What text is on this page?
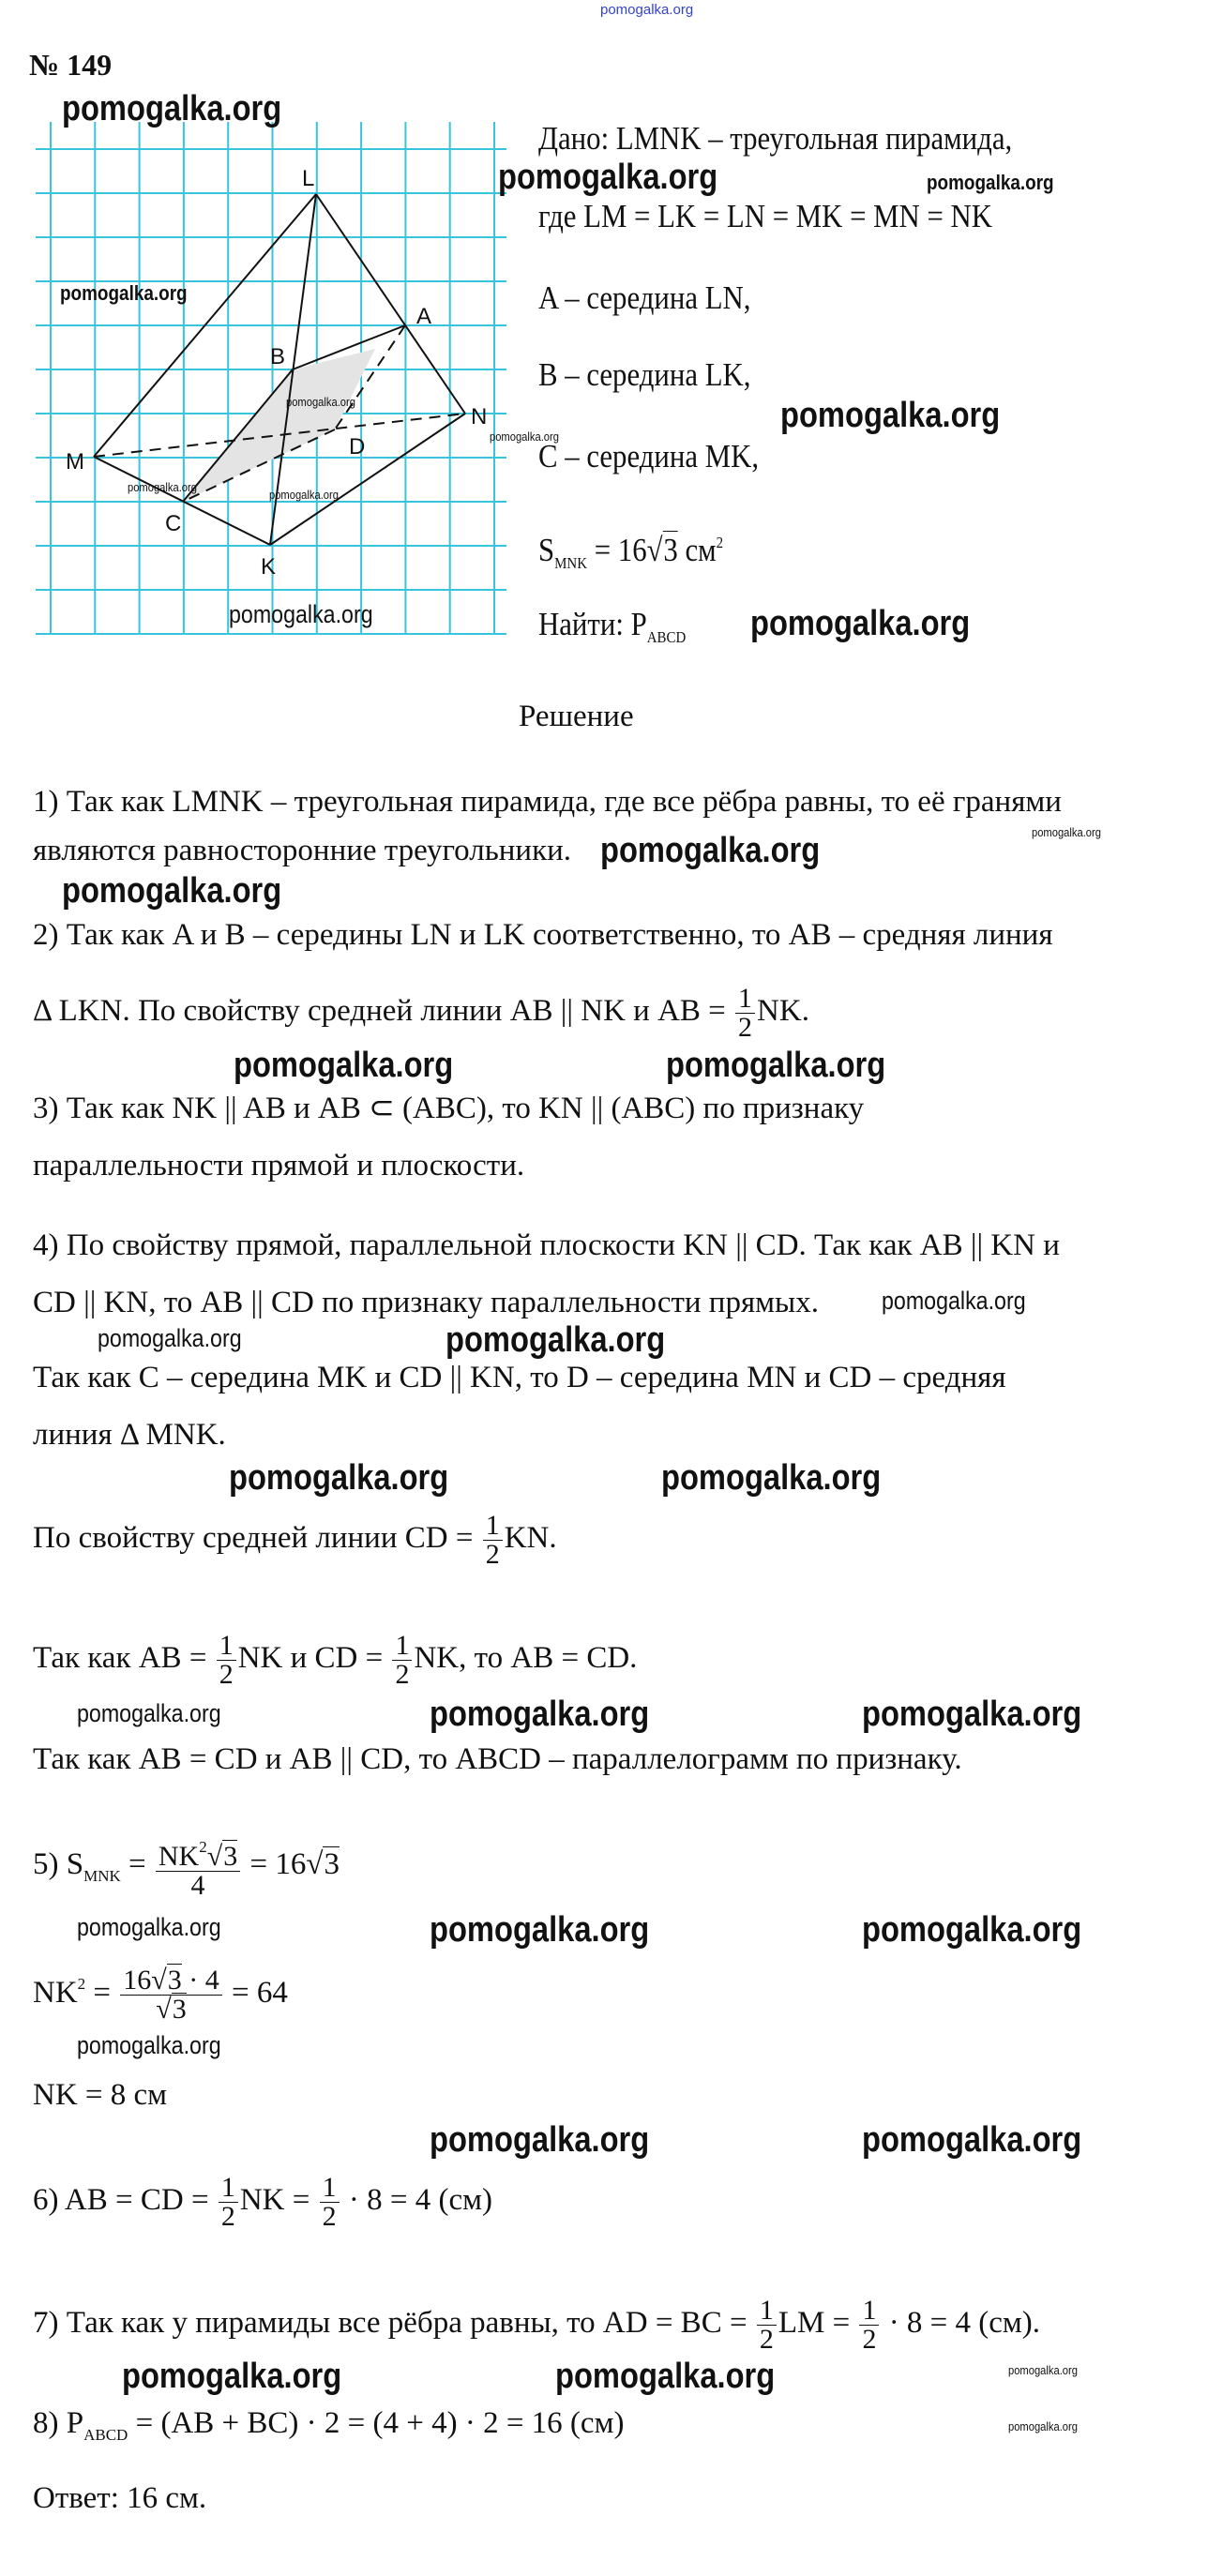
pomogalka.org
№ 149
L
A
B
N
D
M
C
K
Дано: LMNK – треугольная пирамида,
где LM = LK = LN = MK = MN = NK
A – середина LN,
B – середина LK,
C – середина MK,
$S_{MNK} = 16√3$ $см^2$
Найти: $P_{ABCD}$
Решение
1) Так как LMNK – треугольная пирамида, где все рёбра равны, то её гранями
являются равносторонние треугольники.
2) Так как A и B – середины LN и LK соответственно, то AB – средняя линия
Δ LKN. По свойству средней линии AB || NK и AB = $\frac{1}{2}$ NK.
3) Так как NK || AB и AB ⊂ (ABC), то KN || (ABC) по признаку
параллельности прямой и плоскости.
4) По свойству прямой, параллельной плоскости KN || CD. Так как AB || KN и
CD || KN, то AB || CD по признаку параллельности прямых.
Так как C – середина MK и CD || KN, то D – середина MN и CD – средняя
линия Δ MNK.
По свойству средней линии CD = $\frac{1}{2}$ KN.
Так как AB = $\frac{1}{2}$ NK и CD = $\frac{1}{2}$ NK, то AB = CD.
Так как AB = CD и AB || CD, то ABCD – параллелограмм по признаку.
5) $S_{MNK} = \frac{NK^2√3}{4} = 16√3$
$NK^2 = \frac{16√3 \cdot 4}{√3} = 64$
NK = 8 см
6) AB = CD = $\frac{1}{2}$ NK = $\frac{1}{2} \cdot 8 = 4$ (см)
7) Так как у пирамиды все рёбра равны, то AD = BC = $\frac{1}{2}$ LM = $\frac{1}{2} \cdot 8 = 4$ (см).
8) $P_{ABCD} = (AB + BC) \cdot 2 = (4 + 4) \cdot 2 = 16$ (см)
Ответ: 16 см.
pomogalka.org
pomogalka.org	pomogalka.org
pomogalka.org
pomogalka.org
pomogalka.org
pomogalka.org
pomogalka.org
pomogalka.org
pomogalka.org	pomogalka.org
pomogalka.org	pomogalka.org
pomogalka.org
pomogalka.org	pomogalka.org
pomogalka.org	pomogalka.org
pomogalka.org
pomogalka.org	pomogalka.org
pomogalka.org	pomogalka.org	pomogalka.org
pomogalka.org	pomogalka.org	pomogalka.org
pomogalka.org
pomogalka.org	pomogalka.org
pomogalka.org	pomogalka.org	pomogalka.org
pomogalka.org
